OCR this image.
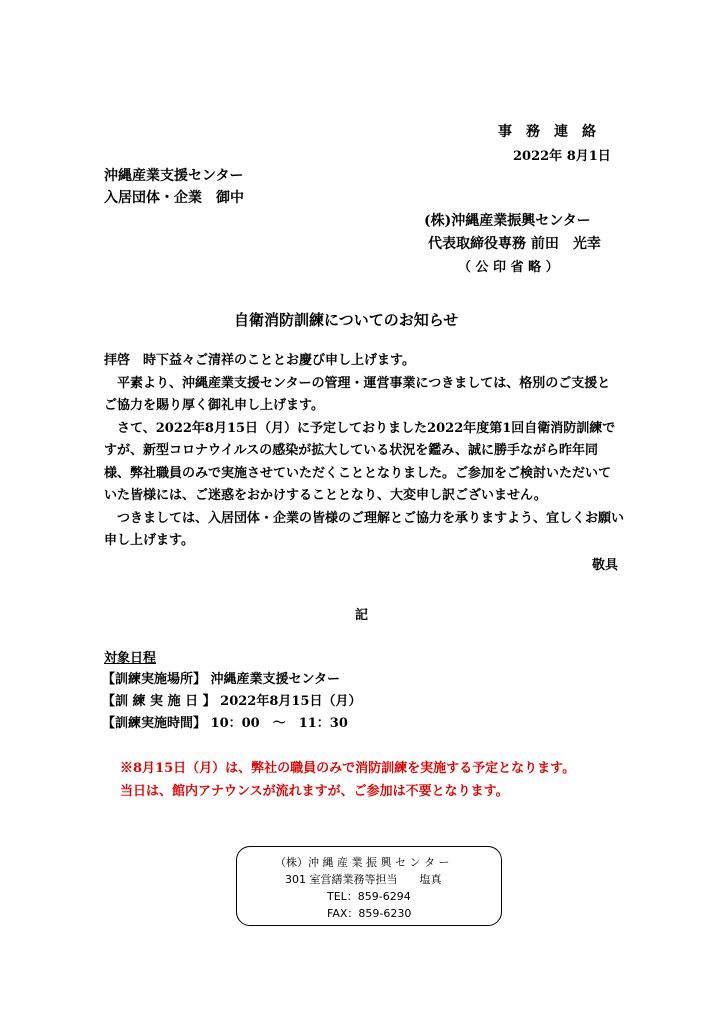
事　務　連　絡
2022年 8月1日
沖縄産業支援センター
入居団体・企業　御中
(株)沖縄産業振興センター
代表取締役専務 前田　光幸
（ 公 印 省 略 ）
自衛消防訓練についてのお知らせ

拝啓　時下益々ご清祥のこととお慶び申し上げます。

　平素より、沖縄産業支援センターの管理・運営事業につきましては、格別のご支援と

ご協力を賜り厚く御礼申し上げます。

　さて、2022年8月15日（月）に予定しておりました2022年度第1回自衛消防訓練で

すが、新型コロナウイルスの感染が拡大している状況を鑑み、誠に勝手ながら昨年同

様、弊社職員のみで実施させていただくこととなりました。ご参加をご検討いただいて

いた皆様には、ご迷惑をおかけすることとなり、大変申し訳ございません。

　つきましては、入居団体・企業の皆様のご理解とご協力を承りますよう、宜しくお願い

申し上げます。

敬具
記
対象日程
【訓練実施場所】 沖縄産業支援センター
【訓 練 実 施 日 】 2022年8月15日（月）
【訓練実施時間】 10：00　～　11：30
※8月15日（月）は、弊社の職員のみで消防訓練を実施する予定となります。
当日は、館内アナウンスが流れますが、ご参加は不要となります。
（株）沖 縄 産 業 振 興 セ ン タ ー
301 室営繕業務等担当　　塩真
TEL：859-6294
FAX：859-6230
